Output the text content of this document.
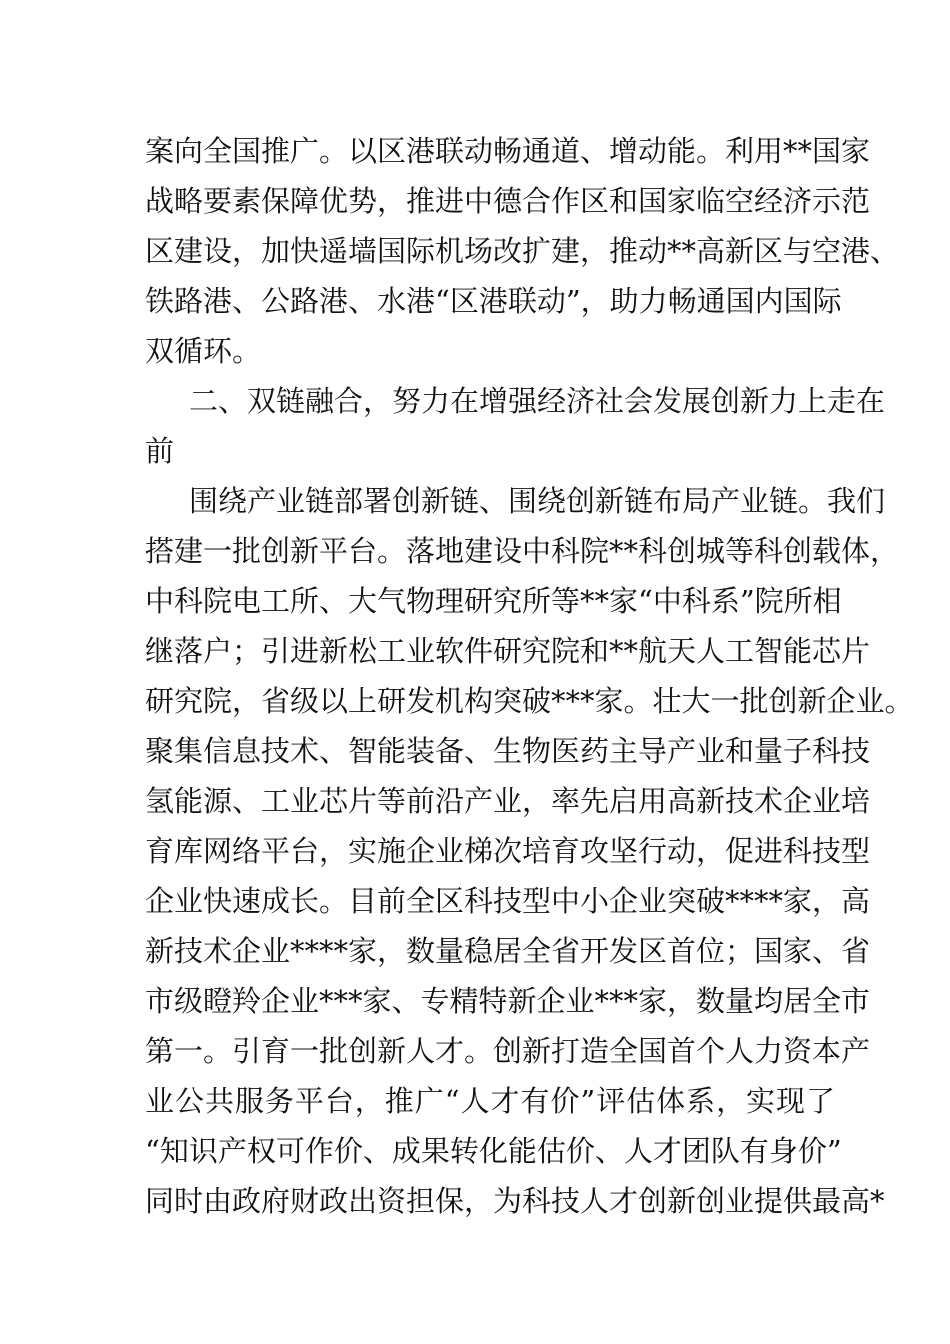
案向全国推广。以区港联动畅通道、增动能。利用**国家
战略要素保障优势，推进中德合作区和国家临空经济示范
区建设，加快遥墙国际机场改扩建，推动**高新区与空港、
铁路港、公路港、水港“区港联动”，助力畅通国内国际
双循环。
二、双链融合，努力在增强经济社会发展创新力上走在
前
围绕产业链部署创新链、围绕创新链布局产业链。我们
搭建一批创新平台。落地建设中科院**科创城等科创载体，
中科院电工所、大气物理研究所等**家“中科系”院所相
继落户；引进新松工业软件研究院和**航天人工智能芯片
研究院，省级以上研发机构突破***家。壮大一批创新企业。
聚集信息技术、智能装备、生物医药主导产业和量子科技
氢能源、工业芯片等前沿产业，率先启用高新技术企业培
育库网络平台，实施企业梯次培育攻坚行动，促进科技型
企业快速成长。目前全区科技型中小企业突破****家，高
新技术企业****家，数量稳居全省开发区首位；国家、省
市级瞪羚企业***家、专精特新企业***家，数量均居全市
第一。引育一批创新人才。创新打造全国首个人力资本产
业公共服务平台，推广“人才有价”评估体系，实现了
“知识产权可作价、成果转化能估价、人才团队有身价”
同时由政府财政出资担保，为科技人才创新创业提供最高*
